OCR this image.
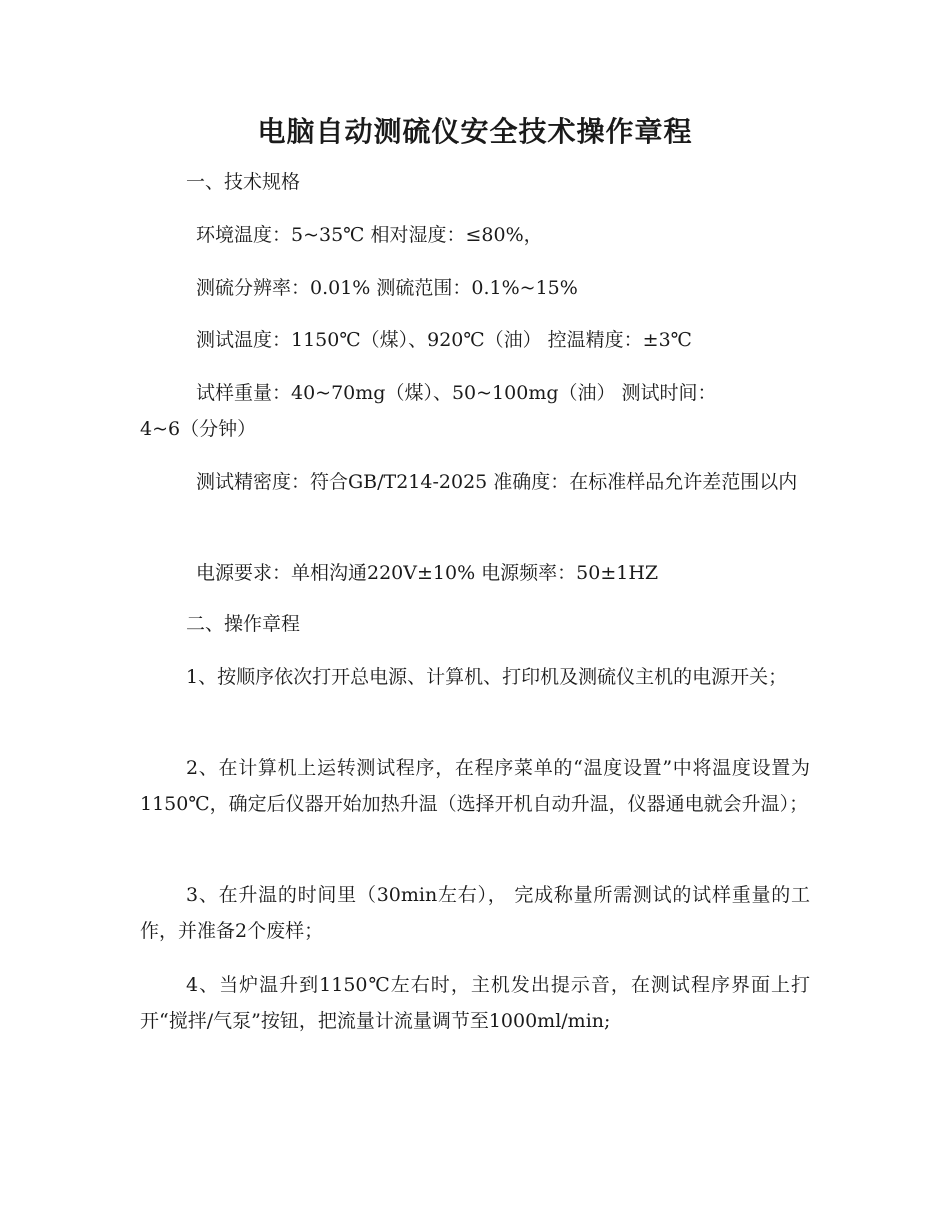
电脑自动测硫仪安全技术操作章程
一、技术规格
环境温度：5~35℃ 相对湿度：≤80%，
测硫分辨率：0.01% 测硫范围：0.1%~15%
测试温度：1150℃（煤）、920℃（油） 控温精度：±3℃
试样重量：40~70mg（煤）、50~100mg（油） 测试时间：
4~6（分钟）
测试精密度：符合GB/T214-2025 准确度：在标准样品允许差范围以内
电源要求：单相沟通220V±10% 电源频率：50±1HZ
二、操作章程
1、按顺序依次打开总电源、计算机、打印机及测硫仪主机的电源开关；
2、在计算机上运转测试程序，在程序菜单的“温度设置”中将温度设置为1150℃，确定后仪器开始加热升温（选择开机自动升温，仪器通电就会升温）；
3、在升温的时间里（30min左右）， 完成称量所需测试的试样重量的工作，并准备2个废样；
4、当炉温升到1150℃左右时，主机发出提示音，在测试程序界面上打开“搅拌/气泵”按钮，把流量计流量调节至1000ml/min;
